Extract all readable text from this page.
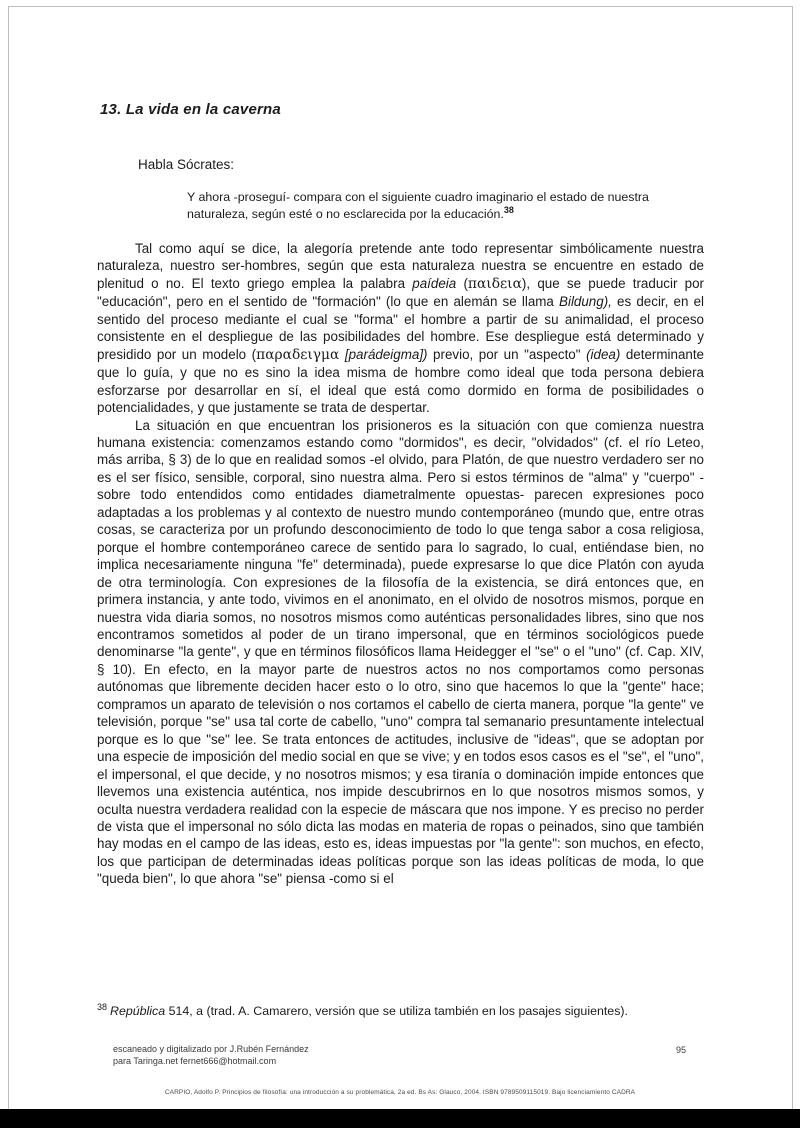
13. La vida en la caverna
Habla Sócrates:
Y ahora -proseguí- compara con el siguiente cuadro imaginario el estado de nuestra naturaleza, según esté o no esclarecida por la educación.$^{38}$

Tal como aquí se dice, la alegoría pretende ante todo representar simbólicamente nuestra naturaleza, nuestro ser-hombres, según que esta naturaleza nuestra se encuentre en estado de plenitud o no. El texto griego emplea la palabra paídeia (παιδεια), que se puede traducir por "educación", pero en el sentido de "formación" (lo que en alemán se llama Bildung), es decir, en el sentido del proceso mediante el cual se "forma" el hombre a partir de su animalidad, el proceso consistente en el despliegue de las posibilidades del hombre. Ese despliegue está determinado y presidido por un modelo (παραδειγμα [parádeigma]) previo, por un "aspecto" (idea) determinante que lo guía, y que no es sino la idea misma de hombre como ideal que toda persona debiera esforzarse por desarrollar en sí, el ideal que está como dormido en forma de posibilidades o potencialidades, y que justamente se trata de despertar.

La situación en que encuentran los prisioneros es la situación con que comienza nuestra humana existencia: comenzamos estando como "dormidos", es decir, "olvidados" (cf. el río Leteo, más arriba, § 3) de lo que en realidad somos -el olvido, para Platón, de que nuestro verdadero ser no es el ser físico, sensible, corporal, sino nuestra alma. Pero si estos términos de "alma" y "cuerpo" -sobre todo entendidos como entidades diametralmente opuestas- parecen expresiones poco adaptadas a los problemas y al contexto de nuestro mundo contemporáneo (mundo que, entre otras cosas, se caracteriza por un profundo desconocimiento de todo lo que tenga sabor a cosa religiosa, porque el hombre contemporáneo carece de sentido para lo sagrado, lo cual, entiéndase bien, no implica necesariamente ninguna "fe" determinada), puede expresarse lo que dice Platón con ayuda de otra terminología. Con expresiones de la filosofía de la existencia, se dirá entonces que, en primera instancia, y ante todo, vivimos en el anonimato, en el olvido de nosotros mismos, porque en nuestra vida diaria somos, no nosotros mismos como auténticas personalidades libres, sino que nos encontramos sometidos al poder de un tirano impersonal, que en términos sociológicos puede denominarse "la gente", y que en términos filosóficos llama Heidegger el "se" o el "uno" (cf. Cap. XIV, § 10). En efecto, en la mayor parte de nuestros actos no nos comportamos como personas autónomas que libremente deciden hacer esto o lo otro, sino que hacemos lo que la "gente" hace; compramos un aparato de televisión o nos cortamos el cabello de cierta manera, porque "la gente" ve televisión, porque "se" usa tal corte de cabello, "uno" compra tal semanario presuntamente intelectual porque es lo que "se" lee. Se trata entonces de actitudes, inclusive de "ideas", que se adoptan por una especie de imposición del medio social en que se vive; y en todos esos casos es el "se", el "uno", el impersonal, el que decide, y no nosotros mismos; y esa tiranía o dominación impide entonces que llevemos una existencia auténtica, nos impide descubrirnos en lo que nosotros mismos somos, y oculta nuestra verdadera realidad con la especie de máscara que nos impone. Y es preciso no perder de vista que el impersonal no sólo dicta las modas en materia de ropas o peinados, sino que también hay modas en el campo de las ideas, esto es, ideas impuestas por "la gente": son muchos, en efecto, los que participan de determinadas ideas políticas porque son las ideas políticas de moda, lo que "queda bien", lo que ahora "se" piensa -como si el

$^{38}$ República 514, a (trad. A. Camarero, versión que se utiliza también en los pasajes siguientes).
escaneado y digitalizado por J.Rubén Fernández
para Taringa.net fernet666@hotmail.com
95
CARPIO, Adolfo P. Principios de filosofía: una introducción a su problemática, 2a ed. Bs As: Glauco, 2004. ISBN 9789509115019. Bajo licenciamiento CADRA
